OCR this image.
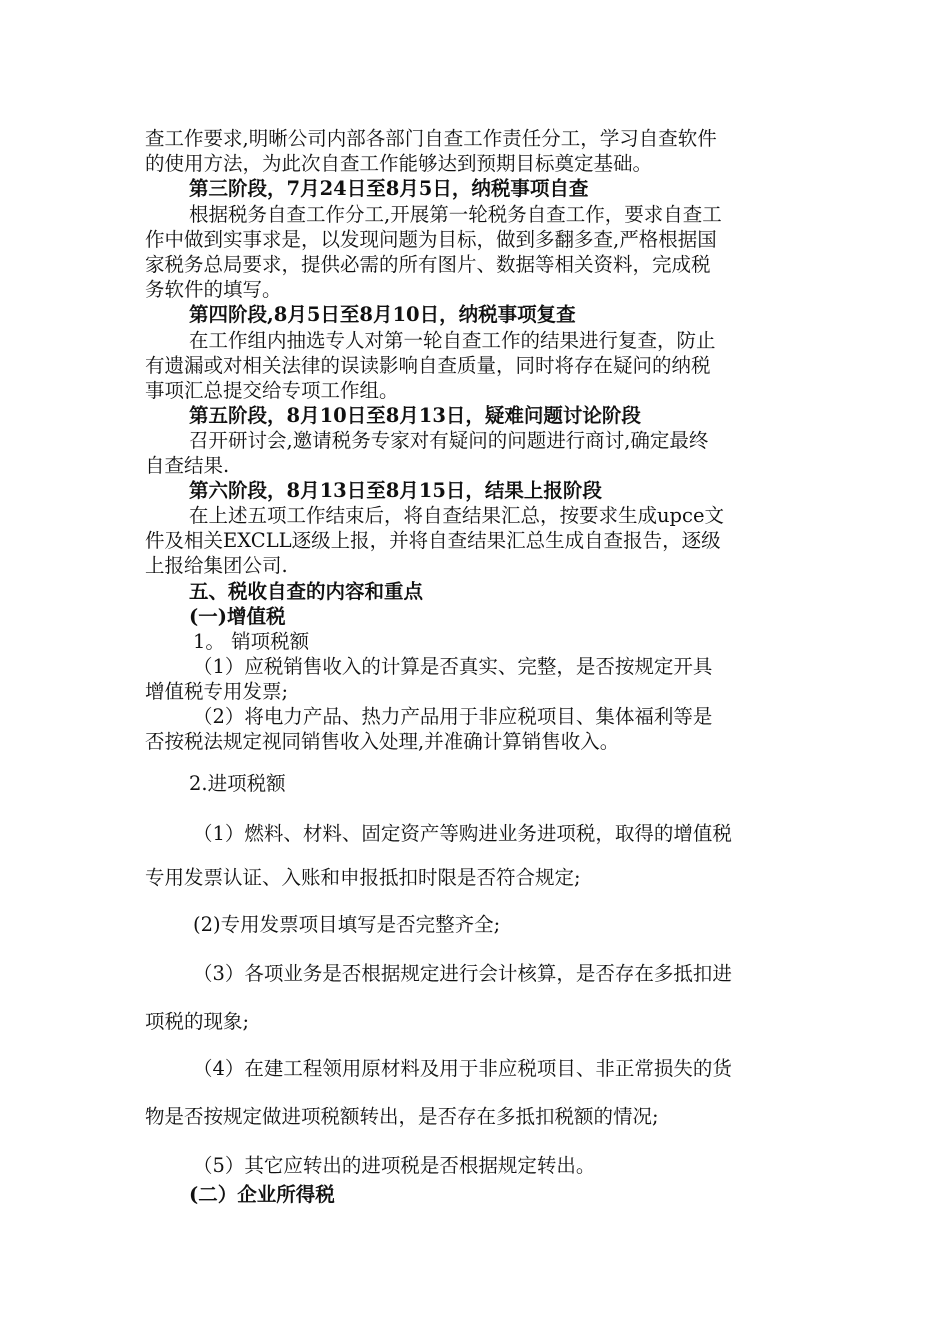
查工作要求,明晰公司内部各部门自查工作责任分工，学习自查软件

的使用方法，为此次自查工作能够达到预期目标奠定基础。

第三阶段，7月24日至8月5日，纳税事项自查

根据税务自查工作分工,开展第一轮税务自查工作，要求自查工

作中做到实事求是，以发现问题为目标，做到多翻多查,严格根据国

家税务总局要求，提供必需的所有图片、数据等相关资料，完成税

务软件的填写。

第四阶段,8月5日至8月10日，纳税事项复查

在工作组内抽选专人对第一轮自查工作的结果进行复查，防止

有遗漏或对相关法律的误读影响自查质量，同时将存在疑问的纳税

事项汇总提交给专项工作组。

第五阶段，8月10日至8月13日，疑难问题讨论阶段

召开研讨会,邀请税务专家对有疑问的问题进行商讨,确定最终

自查结果.

第六阶段，8月13日至8月15日，结果上报阶段

在上述五项工作结束后，将自查结果汇总，按要求生成upce文

件及相关EXCLL逐级上报，并将自查结果汇总生成自查报告，逐级

上报给集团公司.

五、税收自查的内容和重点

(一)增值税

1。 销项税额

（1）应税销售收入的计算是否真实、完整，是否按规定开具

增值税专用发票;

（2）将电力产品、热力产品用于非应税项目、集体福利等是

否按税法规定视同销售收入处理,并准确计算销售收入。

2.进项税额

（1）燃料、材料、固定资产等购进业务进项税，取得的增值税

专用发票认证、入账和申报抵扣时限是否符合规定;

(2)专用发票项目填写是否完整齐全;

（3）各项业务是否根据规定进行会计核算，是否存在多抵扣进

项税的现象;

（4）在建工程领用原材料及用于非应税项目、非正常损失的货

物是否按规定做进项税额转出，是否存在多抵扣税额的情况;

（5）其它应转出的进项税是否根据规定转出。

(二）企业所得税
